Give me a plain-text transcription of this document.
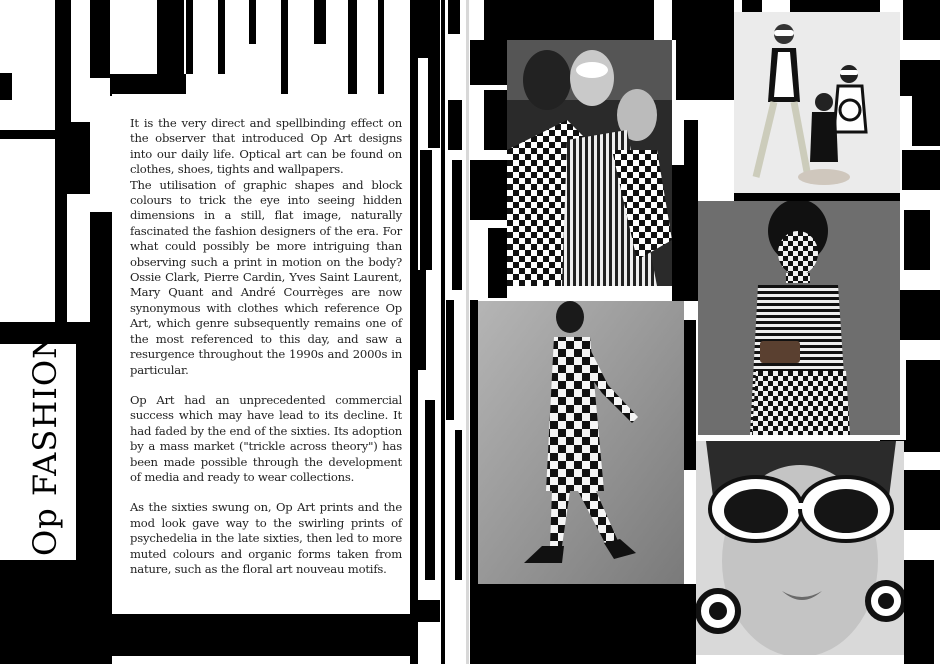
It is the very direct and spellbinding effect on the observer that introduced Op Art designs into our daily life. Optical art can be found on clothes, shoes, tights and wallpapers.

The utilisation of graphic shapes and block colours to trick the eye into seeing hidden dimensions in a still, flat image, naturally fascinated the fashion designers of the era. For what could possibly be more intriguing than observing such a print in motion on the body? Ossie Clark, Pierre Cardin, Yves Saint Laurent, Mary Quant and André Courrèges are now synonymous with clothes which reference Op Art, which genre subsequently remains one of the most referenced to this day, and saw a resurgence throughout the 1990s and 2000s in particular.

Op Art had an unprecedented commercial success which may have lead to its decline. It had faded by the end of the sixties. Its adoption by a mass market ("trickle across theory") has been made possible through the development of media and ready to wear collections.

As the sixties swung on, Op Art prints and the mod look gave way to the swirling prints of psychedelia in the late sixties, then led to more muted colours and organic forms taken from nature, such as the floral art nouveau motifs.

Op FASHION
